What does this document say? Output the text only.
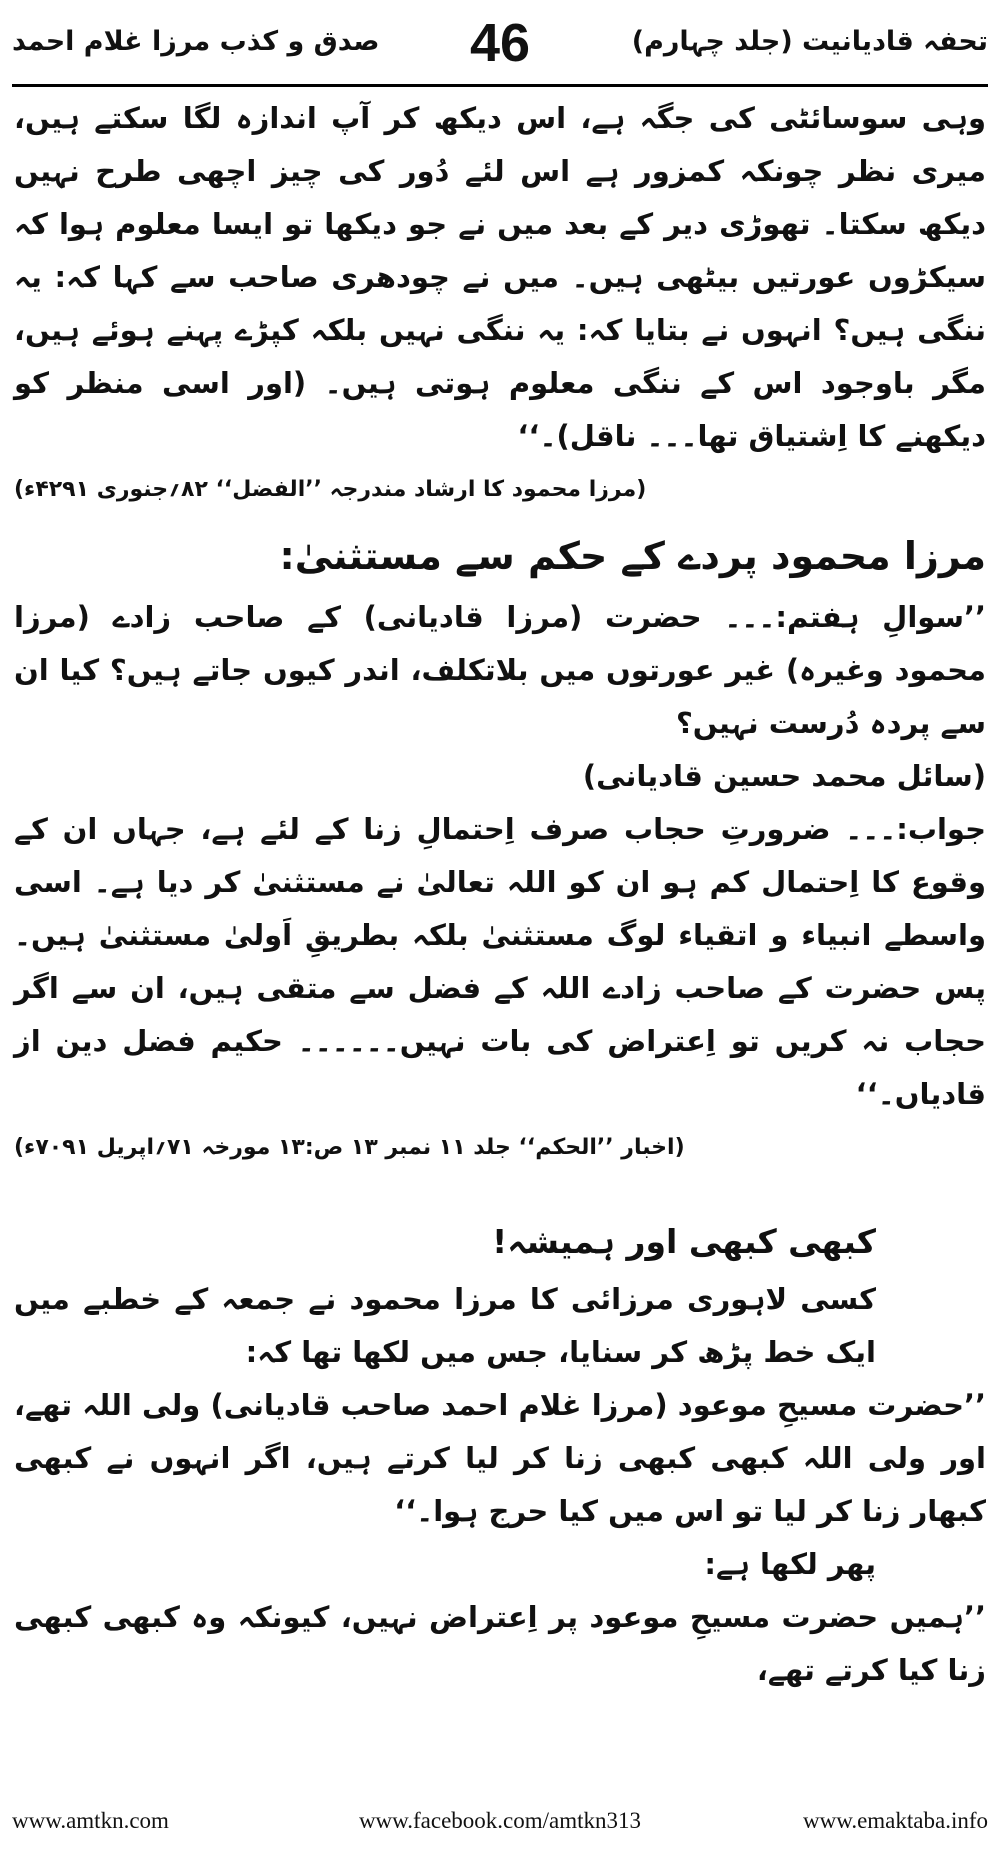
تحفہ قادیانیت (جلد چہارم)
46
صدق و کذب مرزا غلام احمد

وہی سوسائٹی کی جگہ ہے، اس دیکھ کر آپ اندازہ لگا سکتے ہیں، میری نظر چونکہ کمزور ہے اس لئے دُور کی چیز اچھی طرح نہیں دیکھ سکتا۔ تھوڑی دیر کے بعد میں نے جو دیکھا تو ایسا معلوم ہوا کہ سیکڑوں عورتیں بیٹھی ہیں۔ میں نے چودھری صاحب سے کہا کہ: یہ ننگی ہیں؟ انہوں نے بتایا کہ: یہ ننگی نہیں بلکہ کپڑے پہنے ہوئے ہیں، مگر باوجود اس کے ننگی معلوم ہوتی ہیں۔ (اور اسی منظر کو دیکھنے کا اِشتیاق تھا۔۔۔ ناقل)۔‘‘

(مرزا محمود کا ارشاد مندرجہ ’’الفضل‘‘ ۸۲؍جنوری ۴۲۹۱ء)

مرزا محمود پردے کے حکم سے مستثنیٰ:

’’سوالِ ہفتم:۔۔۔ حضرت (مرزا قادیانی) کے صاحب زادے (مرزا محمود وغیرہ) غیر عورتوں میں بلاتکلف، اندر کیوں جاتے ہیں؟ کیا ان سے پردہ دُرست نہیں؟

(سائل محمد حسین قادیانی)

جواب:۔۔۔ ضرورتِ حجاب صرف اِحتمالِ زنا کے لئے ہے، جہاں ان کے وقوع کا اِحتمال کم ہو ان کو اللہ تعالیٰ نے مستثنیٰ کر دیا ہے۔ اسی واسطے انبیاء و اتقیاء لوگ مستثنیٰ بلکہ بطریقِ اَولیٰ مستثنیٰ ہیں۔ پس حضرت کے صاحب زادے اللہ کے فضل سے متقی ہیں، ان سے اگر حجاب نہ کریں تو اِعتراض کی بات نہیں۔۔۔۔۔۔ حکیم فضل دین از قادیاں۔‘‘

(اخبار ’’الحکم‘‘ جلد ۱۱ نمبر ۱۳ ص:۱۳ مورخہ ۷۱؍اپریل ۷۰۹۱ء)

کبھی کبھی اور ہمیشہ!

کسی لاہوری مرزائی کا مرزا محمود نے جمعہ کے خطبے میں ایک خط پڑھ کر سنایا، جس میں لکھا تھا کہ:

’’حضرت مسیحِ موعود (مرزا غلام احمد صاحب قادیانی) ولی اللہ تھے، اور ولی اللہ کبھی کبھی زنا کر لیا کرتے ہیں، اگر انہوں نے کبھی کبھار زنا کر لیا تو اس میں کیا حرج ہوا۔‘‘

پھر لکھا ہے:

’’ہمیں حضرت مسیحِ موعود پر اِعتراض نہیں، کیونکہ وہ کبھی کبھی زنا کیا کرتے تھے،

www.amtkn.com	www.facebook.com/amtkn313	www.emaktaba.info
